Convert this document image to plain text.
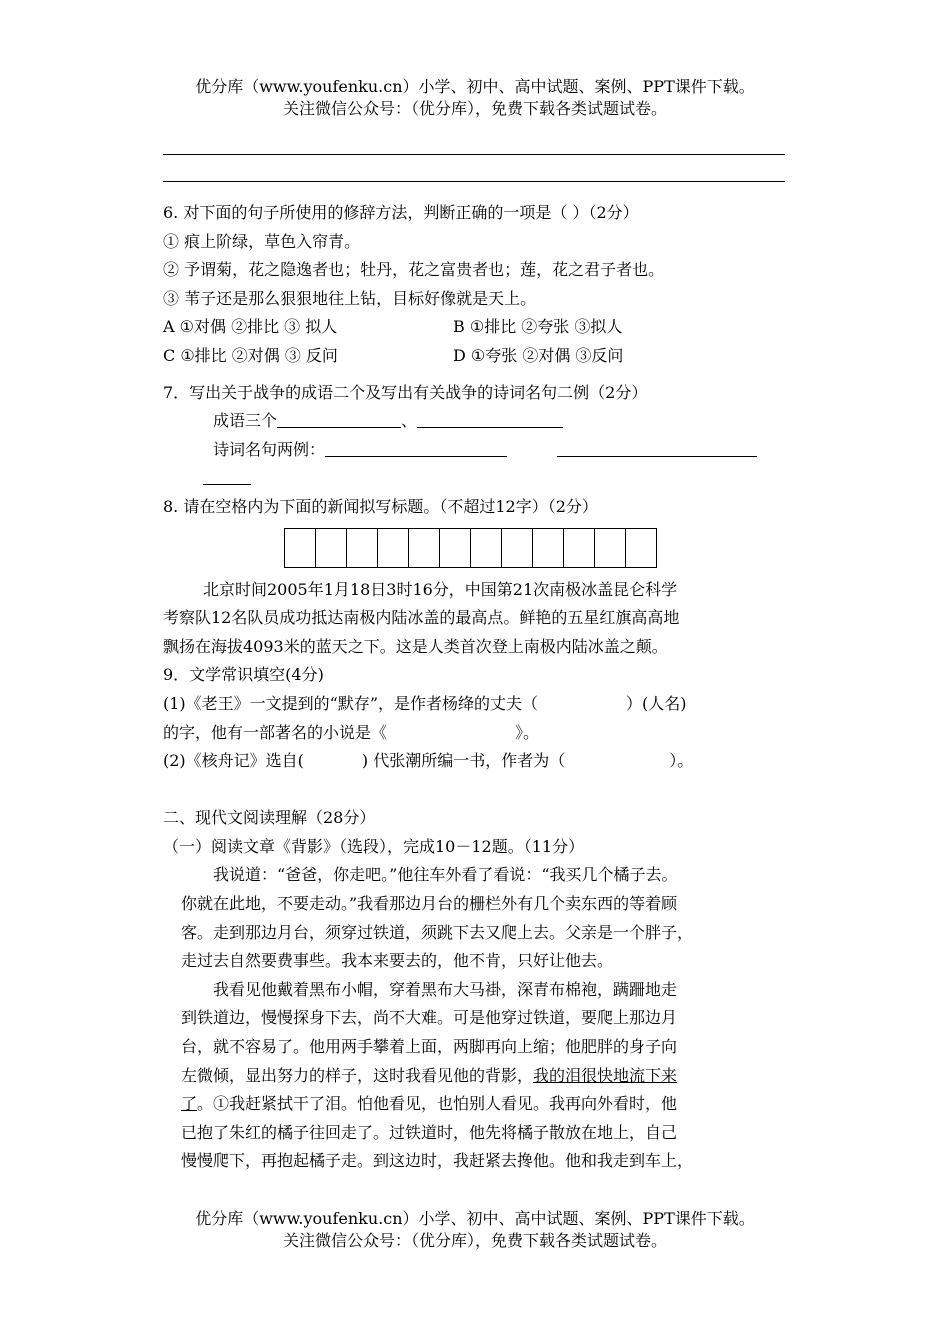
优分库（www.youfenku.cn）小学、初中、高中试题、案例、PPT课件下载。
关注微信公众号：（优分库），免费下载各类试题试卷。
6. 对下面的句子所使用的修辞方法，判断正确的一项是（ ）（2分）
① 痕上阶绿，草色入帘青。
② 予谓菊，花之隐逸者也；牡丹，花之富贵者也；莲，花之君子者也。
③ 苇子还是那么狠狠地往上钻，目标好像就是天上。
A ①对偶 ②排比 ③ 拟人	B ①排比 ②夸张 ③拟人
C ①排比 ②对偶 ③ 反问	D ①夸张 ②对偶 ③反问
7．写出关于战争的成语二个及写出有关战争的诗词名句二例（2分）
成语三个	、
诗词名句两例：
8. 请在空格内为下面的新闻拟写标题。（不超过12字）（2分）
北京时间2005年1月18日3时16分，中国第21次南极冰盖昆仑科学
考察队12名队员成功抵达南极内陆冰盖的最高点。鲜艳的五星红旗高高地
飘扬在海拔4093米的蓝天之下。这是人类首次登上南极内陆冰盖之颠。
9．文学常识填空(4分)
(1)《老王》一文提到的“默存”，是作者杨绛的丈夫（	）(人名)
的字，他有一部著名的小说是《	》。
(2)《核舟记》选自(	) 代张潮所编一书，作者为（	）。
二、现代文阅读理解（28分）
（一）阅读文章《背影》（选段），完成10－12题。（11分）
我说道：“爸爸，你走吧。”他往车外看了看说：“我买几个橘子去。
你就在此地，不要走动。”我看那边月台的栅栏外有几个卖东西的等着顾
客。走到那边月台，须穿过铁道，须跳下去又爬上去。父亲是一个胖子，
走过去自然要费事些。我本来要去的，他不肯，只好让他去。
我看见他戴着黑布小帽，穿着黑布大马褂，深青布棉袍，蹒跚地走
到铁道边，慢慢探身下去，尚不大难。可是他穿过铁道，要爬上那边月
台，就不容易了。他用两手攀着上面，两脚再向上缩；他肥胖的身子向
左微倾，显出努力的样子，这时我看见他的背影，我的泪很快地流下来
了。①我赶紧拭干了泪。怕他看见，也怕别人看见。我再向外看时，他
已抱了朱红的橘子往回走了。过铁道时，他先将橘子散放在地上，自己
慢慢爬下，再抱起橘子走。到这边时，我赶紧去搀他。他和我走到车上，
优分库（www.youfenku.cn）小学、初中、高中试题、案例、PPT课件下载。
关注微信公众号：（优分库），免费下载各类试题试卷。
